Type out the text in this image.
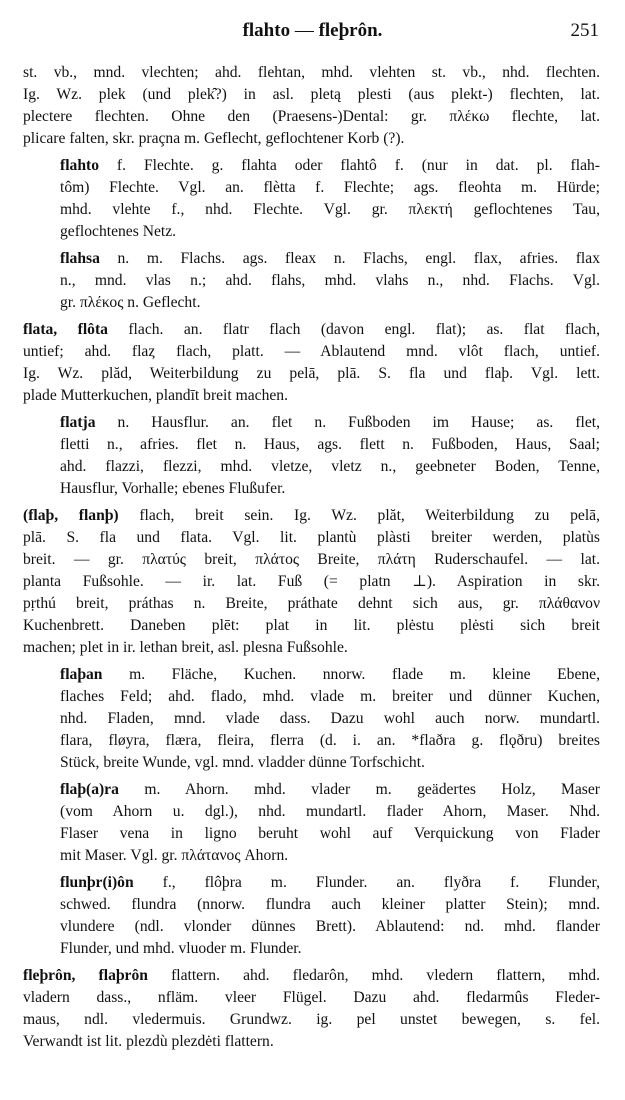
flahto — fleþrôn.	251
st. vb., mnd. vlechten; ahd. flehtan, mhd. vlehten st. vb., nhd. flechten.
Ig. Wz. plek (und plek̑?) in asl. pletą plesti (aus plekt-) flechten, lat.
plectere flechten. Ohne den (Praesens-)Dental: gr. πλέκω flechte, lat.
plicare falten, skr. praçna m. Geflecht, geflochtener Korb (?).
flahto f. Flechte. g. flahta oder flahtô f. (nur in dat. pl. flah-
tôm) Flechte. Vgl. an. flètta f. Flechte; ags. fleohta m. Hürde;
mhd. vlehte f., nhd. Flechte. Vgl. gr. πλεκτή geflochtenes Tau,
geflochtenes Netz.
flahsa n. m. Flachs. ags. fleax n. Flachs, engl. flax, afries. flax
n., mnd. vlas n.; ahd. flahs, mhd. vlahs n., nhd. Flachs. Vgl.
gr. πλέκος n. Geflecht.
flata, flôta flach. an. flatr flach (davon engl. flat); as. flat flach,
untief; ahd. flaȥ flach, platt. — Ablautend mnd. vlôt flach, untief.
Ig. Wz. plăd, Weiterbildung zu pelā, plā. S. fla und flaþ. Vgl. lett.
plade Mutterkuchen, plandīt breit machen.
flatja n. Hausflur. an. flet n. Fußboden im Hause; as. flet,
fletti n., afries. flet n. Haus, ags. flett n. Fußboden, Haus, Saal;
ahd. flazzi, flezzi, mhd. vletze, vletz n., geebneter Boden, Tenne,
Hausflur, Vorhalle; ebenes Flußufer.
(flaþ, flanþ) flach, breit sein. Ig. Wz. plăt, Weiterbildung zu pelā,
plā. S. fla und flata. Vgl. lit. plantù plàsti breiter werden, platùs
breit. — gr. πλατύς breit, πλάτος Breite, πλάτη Ruderschaufel. — lat.
planta Fußsohle. — ir. lat. Fuß (= platn ⊥). Aspiration in skr.
pṛthú breit, práthas n. Breite, práthate dehnt sich aus, gr. πλάθανον
Kuchenbrett. Daneben plēt: plat in lit. plėstu plėsti sich breit
machen; plet in ir. lethan breit, asl. plesna Fußsohle.
flaþan m. Fläche, Kuchen. nnorw. flade m. kleine Ebene,
flaches Feld; ahd. flado, mhd. vlade m. breiter und dünner Kuchen,
nhd. Fladen, mnd. vlade dass. Dazu wohl auch norw. mundartl.
flara, fløyra, flæra, fleira, flerra (d. i. an. *flaðra g. flǫðru) breites
Stück, breite Wunde, vgl. mnd. vladder dünne Torfschicht.
flaþ(a)ra m. Ahorn. mhd. vlader m. geädertes Holz, Maser
(vom Ahorn u. dgl.), nhd. mundartl. flader Ahorn, Maser. Nhd.
Flaser vena in ligno beruht wohl auf Verquickung von Flader
mit Maser. Vgl. gr. πλάτανος Ahorn.
flunþr(i)ôn f., flôþra m. Flunder. an. flyðra f. Flunder,
schwed. flundra (nnorw. flundra auch kleiner platter Stein); mnd.
vlundere (ndl. vlonder dünnes Brett). Ablautend: nd. mhd. flander
Flunder, und mhd. vluoder m. Flunder.
fleþrôn, flaþrôn flattern. ahd. fledarôn, mhd. vledern flattern, mhd.
vladern dass., nfläm. vleer Flügel. Dazu ahd. fledarmûs Fleder-
maus, ndl. vledermuis. Grundwz. ig. pel unstet bewegen, s. fel.
Verwandt ist lit. plezdù plezdėti flattern.
